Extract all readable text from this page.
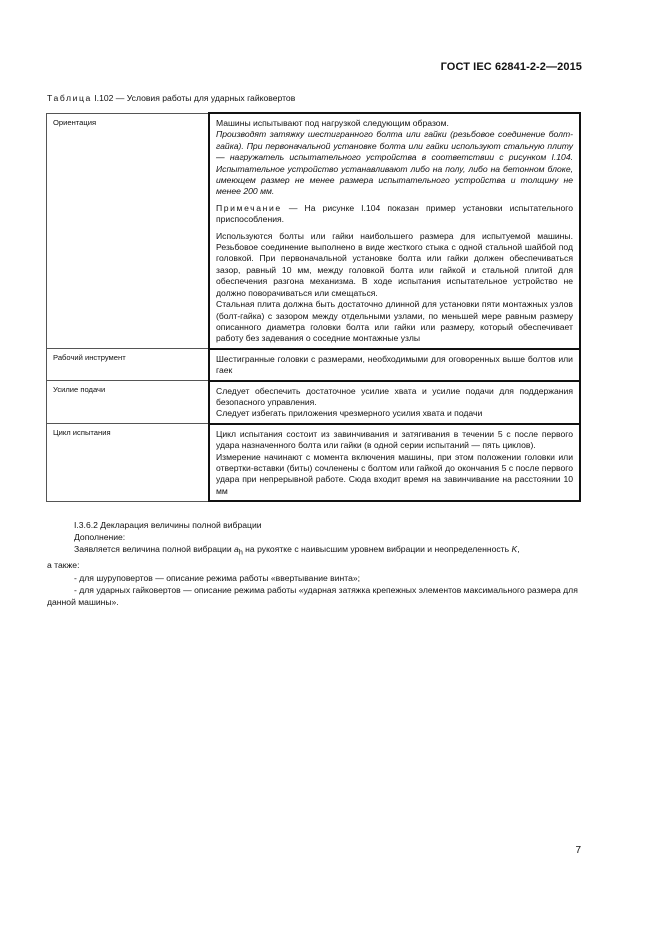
ГОСТ IEC 62841-2-2—2015
Таблица I.102 — Условия работы для ударных гайковертов
Ориентация	Машины испытывают под нагрузкой следующим образом.

Производят затяжку шестигранного болта или гайки (резьбовое соединение болт-гайка). При первоначальной установке болта или гайки используют стальную плиту — нагружатель испытательного устройства в соответствии с рисунком I.104. Испытательное устройство устанавливают либо на полу, либо на бетонном блоке, имеющем размер не менее размера испытательного устройства и толщину не менее 200 мм.

Примечание — На рисунке I.104 показан пример установки испытательного приспособления.

Используются болты или гайки наибольшего размера для испытуемой машины. Резьбовое соединение выполнено в виде жесткого стыка с одной стальной шайбой под головкой. При первоначальной установке болта или гайки должен обеспечиваться зазор, равный 10 мм, между головкой болта или гайкой и стальной плитой для обеспечения разгона механизма. В ходе испытания испытательное устройство не должно поворачиваться или смещаться.

Стальная плита должна быть достаточно длинной для установки пяти монтажных узлов (болт-гайка) с зазором между отдельными узлами, по меньшей мере равным размеру описанного диаметра головки болта или гайки или размеру, который обеспечивает работу без задевания о соседние монтажные узлы

Рабочий инструмент	Шестигранные головки с размерами, необходимыми для оговоренных выше болтов или гаек

Усилие подачи	Следует обеспечить достаточное усилие хвата и усилие подачи для поддержания безопасного управления.

Следует избегать приложения чрезмерного усилия хвата и подачи

Цикл испытания	Цикл испытания состоит из завинчивания и затягивания в течении 5 с после первого удара назначенного болта или гайки (в одной серии испытаний — пять циклов).

Измерение начинают с момента включения машины, при этом положении головки или отвертки-вставки (биты) сочленены с болтом или гайкой до окончания 5 с после первого удара при непрерывной работе. Сюда входит время на завинчивание на расстоянии 10 мм

I.3.6.2 Декларация величины полной вибрации

Дополнение:

Заявляется величина полной вибрации $a_h$ на рукоятке с наивысшим уровнем вибрации и неопределенность K,

а также:

- для шуруповертов — описание режима работы «ввертывание винта»;

- для ударных гайковертов — описание режима работы «ударная затяжка крепежных элементов максимального размера для данной машины».

7
